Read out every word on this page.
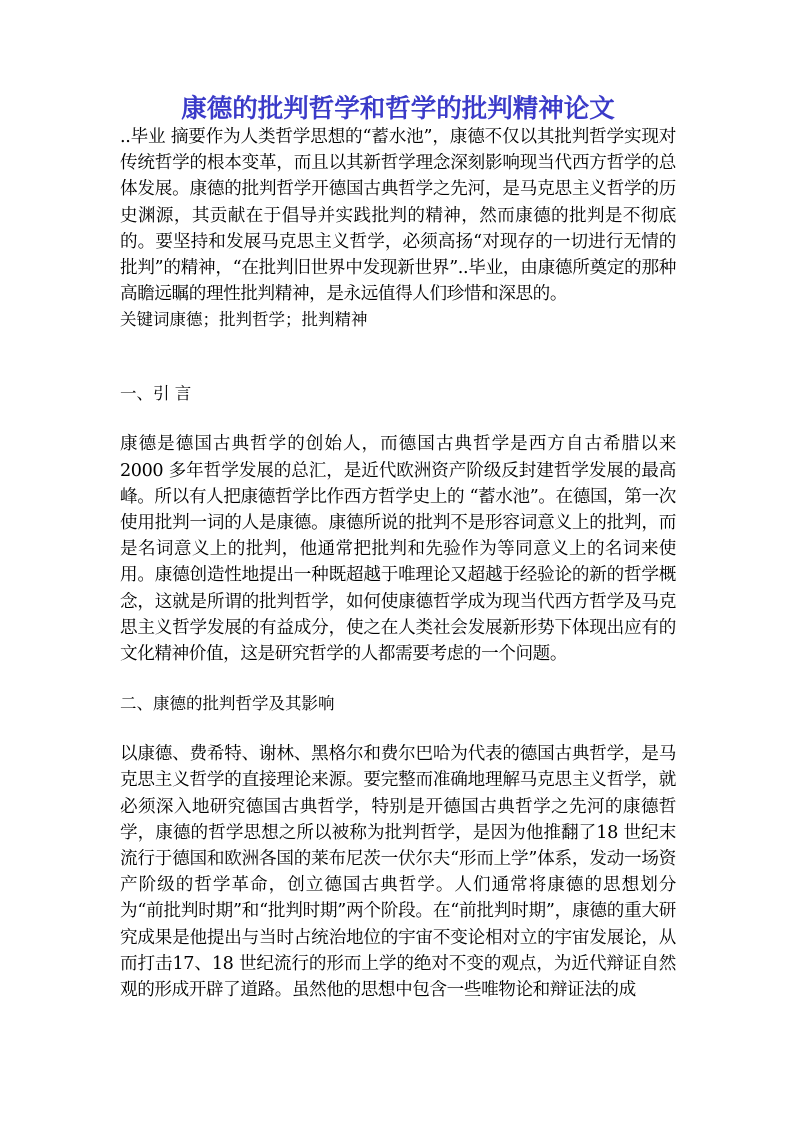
康德的批判哲学和哲学的批判精神论文

..毕业 摘要作为人类哲学思想的“蓄水池”，康德不仅以其批判哲学实现对传统哲学的根本变革，而且以其新哲学理念深刻影响现当代西方哲学的总体发展。康德的批判哲学开德国古典哲学之先河，是马克思主义哲学的历史渊源，其贡献在于倡导并实践批判的精神，然而康德的批判是不彻底的。要坚持和发展马克思主义哲学，必须高扬“对现存的一切进行无情的批判”的精神，“在批判旧世界中发现新世界”..毕业，由康德所奠定的那种高瞻远瞩的理性批判精神，是永远值得人们珍惜和深思的。

关键词康德；批判哲学；批判精神

一、引 言

康德是德国古典哲学的创始人，而德国古典哲学是西方自古希腊以来2000 多年哲学发展的总汇，是近代欧洲资产阶级反封建哲学发展的最高峰。所以有人把康德哲学比作西方哲学史上的 “蓄水池”。在德国，第一次使用批判一词的人是康德。康德所说的批判不是形容词意义上的批判，而是名词意义上的批判，他通常把批判和先验作为等同意义上的名词来使用。康德创造性地提出一种既超越于唯理论又超越于经验论的新的哲学概念，这就是所谓的批判哲学，如何使康德哲学成为现当代西方哲学及马克思主义哲学发展的有益成分，使之在人类社会发展新形势下体现出应有的文化精神价值，这是研究哲学的人都需要考虑的一个问题。

二、康德的批判哲学及其影响

以康德、费希特、谢林、黑格尔和费尔巴哈为代表的德国古典哲学，是马克思主义哲学的直接理论来源。要完整而准确地理解马克思主义哲学，就必须深入地研究德国古典哲学，特别是开德国古典哲学之先河的康德哲学，康德的哲学思想之所以被称为批判哲学，是因为他推翻了18 世纪末流行于德国和欧洲各国的莱布尼茨一伏尔夫“形而上学”体系，发动一场资产阶级的哲学革命，创立德国古典哲学。人们通常将康德的思想划分为“前批判时期”和“批判时期”两个阶段。在“前批判时期”，康德的重大研究成果是他提出与当时占统治地位的宇宙不变论相对立的宇宙发展论，从而打击17、18 世纪流行的形而上学的绝对不变的观点，为近代辩证自然观的形成开辟了道路。虽然他的思想中包含一些唯物论和辩证法的成
